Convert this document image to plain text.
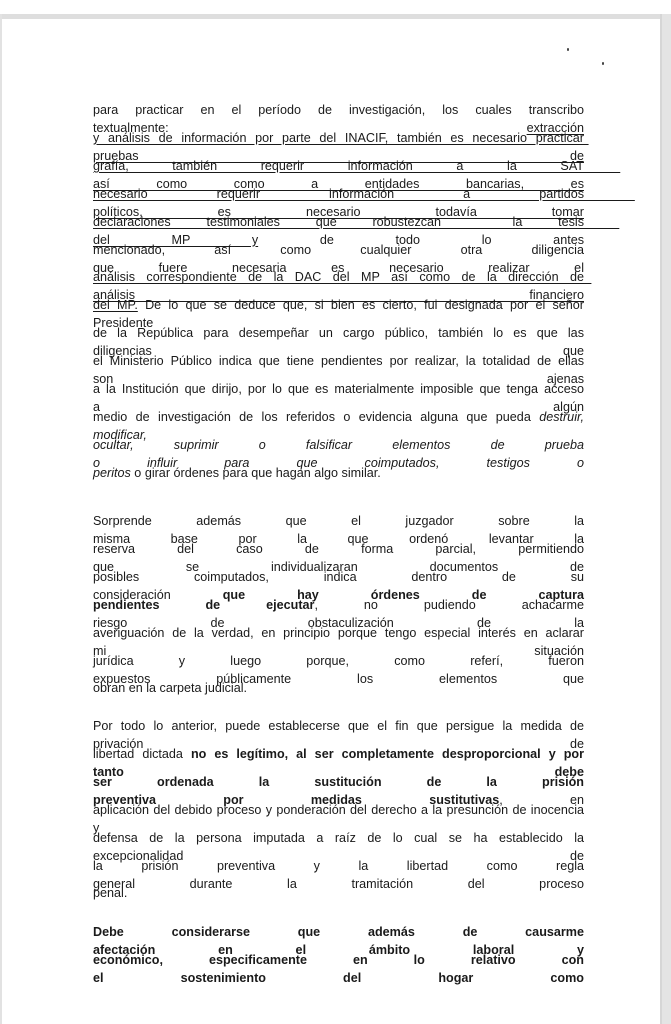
para practicar en el período de investigación, los cuales transcribo textualmente: extracción
y análisis de información por parte del INACIF, también es necesario practicar pruebas de
grafía, también requerir información a la SAT así como como a entidades bancarias, es
necesario requerir información a partidos políticos, es necesario todavía tomar
declaraciones testimoniales que robustezcan  la tesis del MP y de todo lo antes
mencionado, así como cualquier otra diligencia que fuere necesaria es necesario realizar el
análisis correspondiente de la DAC del MP así como de la dirección de análisis financiero
del MP. De lo que se deduce que, si bien es cierto, fui designada por el señor Presidente
de la República para desempeñar un cargo público, también lo es que las diligencias que
el Ministerio Público indica que tiene pendientes por realizar, la totalidad de ellas son ajenas
a la Institución que dirijo, por lo que es materialmente imposible que tenga acceso a algún
medio de investigación de los referidos o evidencia alguna que pueda destruir, modificar,
ocultar, suprimir o falsificar elementos de prueba o influir para que coimputados, testigos o
peritos o girar órdenes para que hagan algo similar.
Sorprende además que el juzgador sobre la misma base por la que ordenó levantar la
reserva del caso de forma parcial, permitiendo que se individualizaran documentos de
posibles coimputados, indica dentro de su consideración que hay órdenes de captura
pendientes de ejecutar, no pudiendo achacarme riesgo de obstaculización de la
averiguación de la verdad, en principio porque tengo especial interés en aclarar mi situación
jurídica y luego porque, como referí, fueron expuestos públicamente los elementos que
obran en la carpeta judicial.
Por todo lo anterior, puede establecerse que el fin que persigue la medida de privación de
libertad dictada no es legítimo, al ser completamente desproporcional y por tanto debe
ser ordenada la sustitución de la prisión preventiva por medidas sustitutivas, en
aplicación del debido proceso y ponderación del derecho a la presunción de inocencia  y
defensa de la persona imputada a raíz de lo cual se ha establecido la excepcionalidad de
la prisión preventiva y la libertad como regla general durante la tramitación del proceso
penal.
Debe considerarse que además de causarme afectación en el ámbito laboral y
económico, especificamente en lo relativo con el sostenimiento del hogar como
